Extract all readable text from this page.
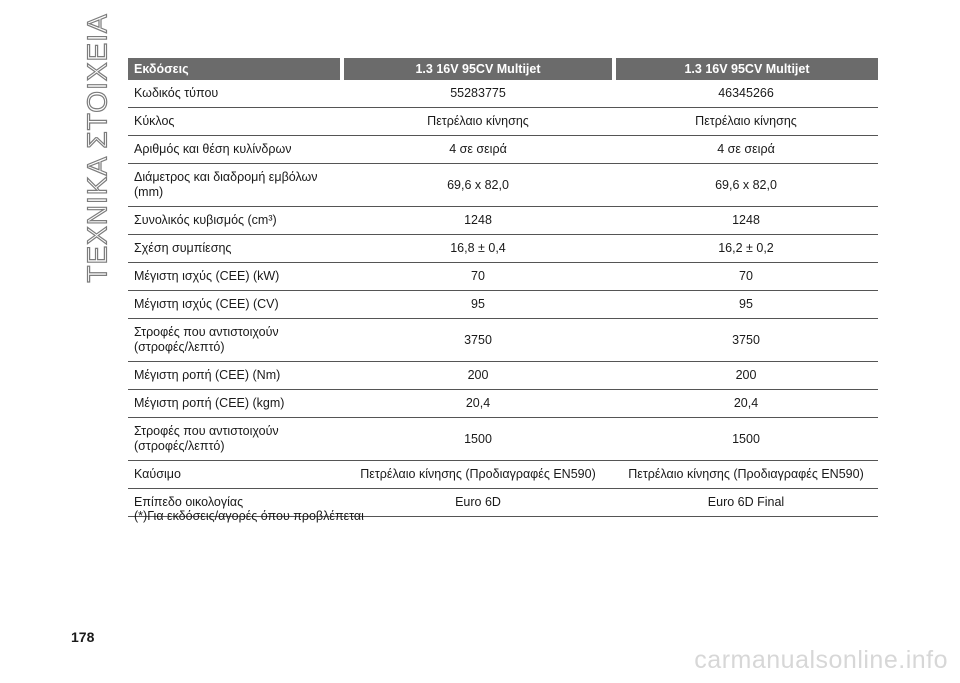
ΤΕΧΝΙΚΑ ΣΤΟΙΧΕΙΑ Εκδόσεις	1.3 16V 95CV Multijet	1.3 16V 95CV Multijet
Κωδικός τύπου	55283775	46345266
Κύκλος	Πετρέλαιο κίνησης	Πετρέλαιο κίνησης
Αριθμός και θέση κυλίνδρων	4 σε σειρά	4 σε σειρά
Διάμετρος και διαδρομή εμβόλων
(mm)	69,6 x 82,0	69,6 x 82,0
Συνολικός κυβισμός (cm³)	1248	1248
Σχέση συμπίεσης	16,8 ± 0,4	16,2 ± 0,2
Μέγιστη ισχύς (CEE) (kW)	70	70
Μέγιστη ισχύς (CEE) (CV)	95	95
Στροφές που αντιστοιχούν
(στροφές/λεπτό)	3750	3750
Μέγιστη ροπή (CEE) (Nm)	200	200
Μέγιστη ροπή (CEE) (kgm)	20,4	20,4
Στροφές που αντιστοιχούν
(στροφές/λεπτό)	1500	1500
Καύσιμο	Πετρέλαιο κίνησης (Προδιαγραφές EN590)	Πετρέλαιο κίνησης (Προδιαγραφές EN590)
Επίπεδο οικολογίας	Euro 6D	Euro 6D Final
(*)Για εκδόσεις/αγορές όπου προβλέπεται
178
carmanualsonline.info
